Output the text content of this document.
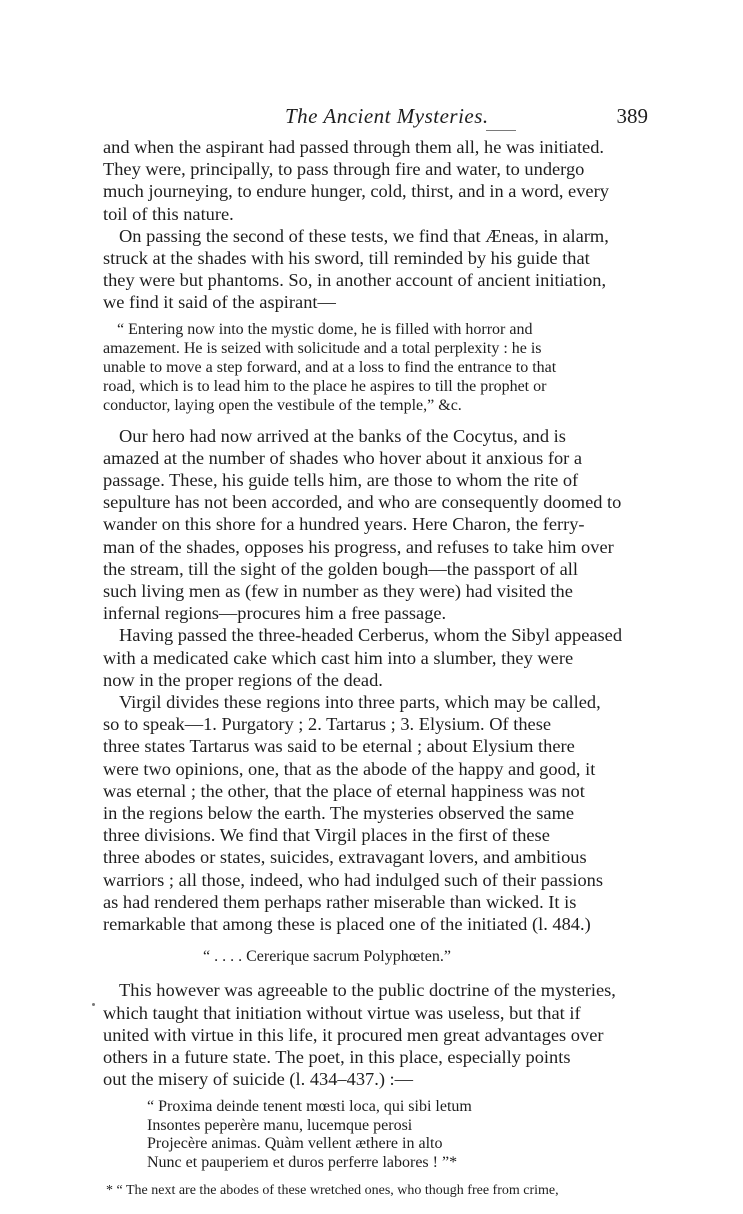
The Ancient Mysteries.	389

and when the aspirant had passed through them all, he was initiated.
They were, principally, to pass through fire and water, to undergo
much journeying, to endure hunger, cold, thirst, and in a word, every
toil of this nature.

On passing the second of these tests, we find that Æneas, in alarm,
struck at the shades with his sword, till reminded by his guide that
they were but phantoms. So, in another account of ancient initiation,
we find it said of the aspirant—

“ Entering now into the mystic dome, he is filled with horror and
amazement. He is seized with solicitude and a total perplexity : he is
unable to move a step forward, and at a loss to find the entrance to that
road, which is to lead him to the place he aspires to till the prophet or
conductor, laying open the vestibule of the temple,” &c.

Our hero had now arrived at the banks of the Cocytus, and is
amazed at the number of shades who hover about it anxious for a
passage. These, his guide tells him, are those to whom the rite of
sepulture has not been accorded, and who are consequently doomed to
wander on this shore for a hundred years. Here Charon, the ferry-
man of the shades, opposes his progress, and refuses to take him over
the stream, till the sight of the golden bough—the passport of all
such living men as (few in number as they were) had visited the
infernal regions—procures him a free passage.

Having passed the three-headed Cerberus, whom the Sibyl appeased
with a medicated cake which cast him into a slumber, they were
now in the proper regions of the dead.

Virgil divides these regions into three parts, which may be called,
so to speak—1. Purgatory ; 2. Tartarus ; 3. Elysium. Of these
three states Tartarus was said to be eternal ; about Elysium there
were two opinions, one, that as the abode of the happy and good, it
was eternal ; the other, that the place of eternal happiness was not
in the regions below the earth. The mysteries observed the same
three divisions. We find that Virgil places in the first of these
three abodes or states, suicides, extravagant lovers, and ambitious
warriors ; all those, indeed, who had indulged such of their passions
as had rendered them perhaps rather miserable than wicked. It is
remarkable that among these is placed one of the initiated (l. 484.)

“ . . . . Cereriquе sacrum Polyphœten.”

This however was agreeable to the public doctrine of the mysteries,
which taught that initiation without virtue was useless, but that if
united with virtue in this life, it procured men great advantages over
others in a future state. The poet, in this place, especially points
out the misery of suicide (l. 434–437.) :—

“ Proxima deinde tenent mœsti loca, qui sibi letum
Insontes peperère manu, lucemque perosi
Projecère animas. Quàm vellent æthere in alto
Nunc et pauperiem et duros perferre labores ! ”*

* “ The next are the abodes of these wretched ones, who though free from crime,
